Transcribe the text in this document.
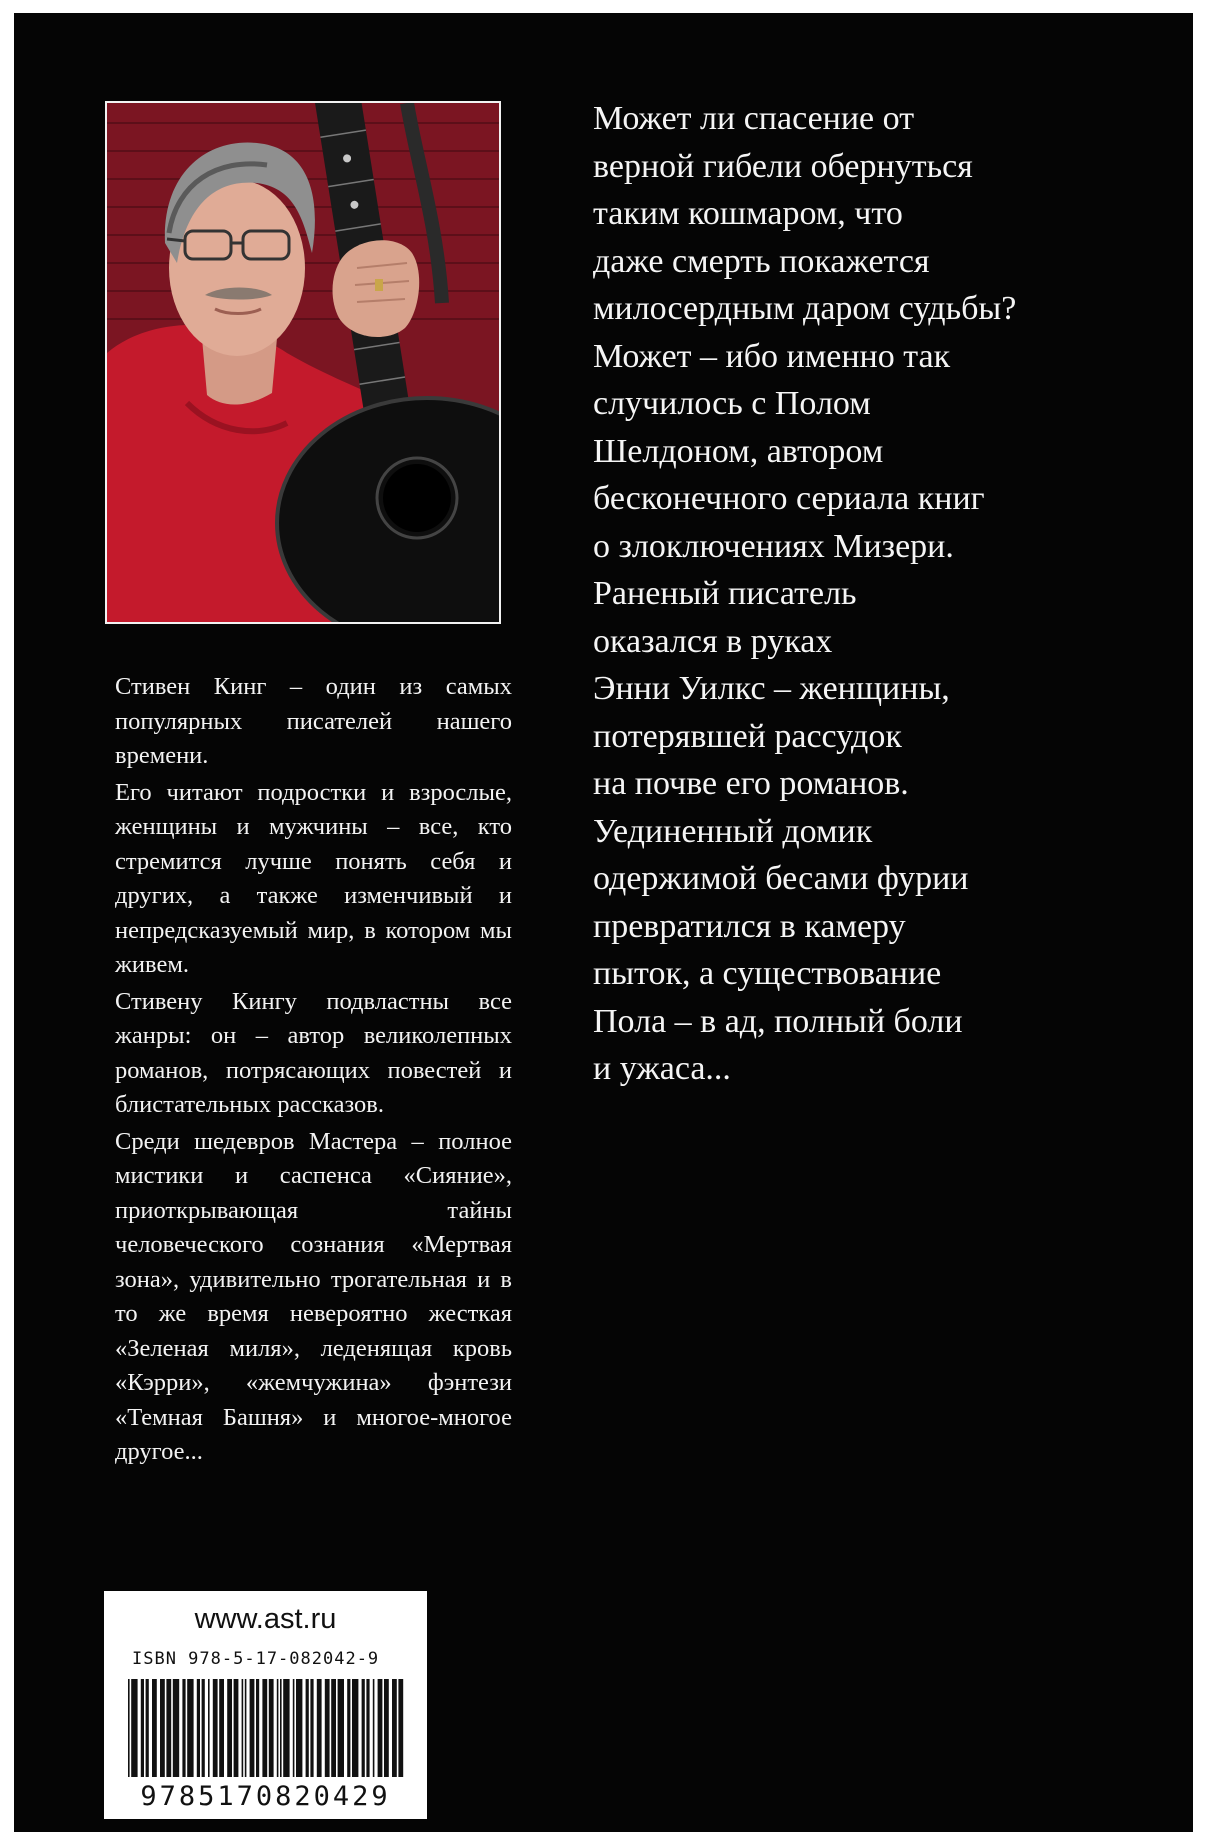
Стивен Кинг – один из самых популярных писателей нашего времени.

Его читают подростки и взрослые, женщины и мужчины – все, кто стремится лучше понять себя и других, а также изменчивый и непредсказуемый мир, в котором мы живем.

Стивену Кингу подвластны все жанры: он – автор великолепных романов, потрясающих повестей и блистательных рассказов.

Среди шедевров Мастера – полное мистики и саспенса «Сияние», приоткрывающая тайны человеческого сознания «Мертвая зона», удивительно трогательная и в то же время невероятно жесткая «Зеленая миля», леденящая кровь «Кэрри», «жемчужина» фэнтези «Темная Башня» и многое-многое другое...

Может ли спасение от
верной гибели обернуться
таким кошмаром, что
даже смерть покажется
милосердным даром судьбы?
Может – ибо именно так
случилось с Полом
Шелдоном, автором
бесконечного сериала книг
о злоключениях Мизери.
Раненый писатель
оказался в руках
Энни Уилкс – женщины,
потерявшей рассудок
на почве его романов.
Уединенный домик
одержимой бесами фурии
превратился в камеру
пыток, а существование
Пола – в ад, полный боли
и ужаса...
www.ast.ru
ISBN 978-5-17-082042-9
9785170820429
